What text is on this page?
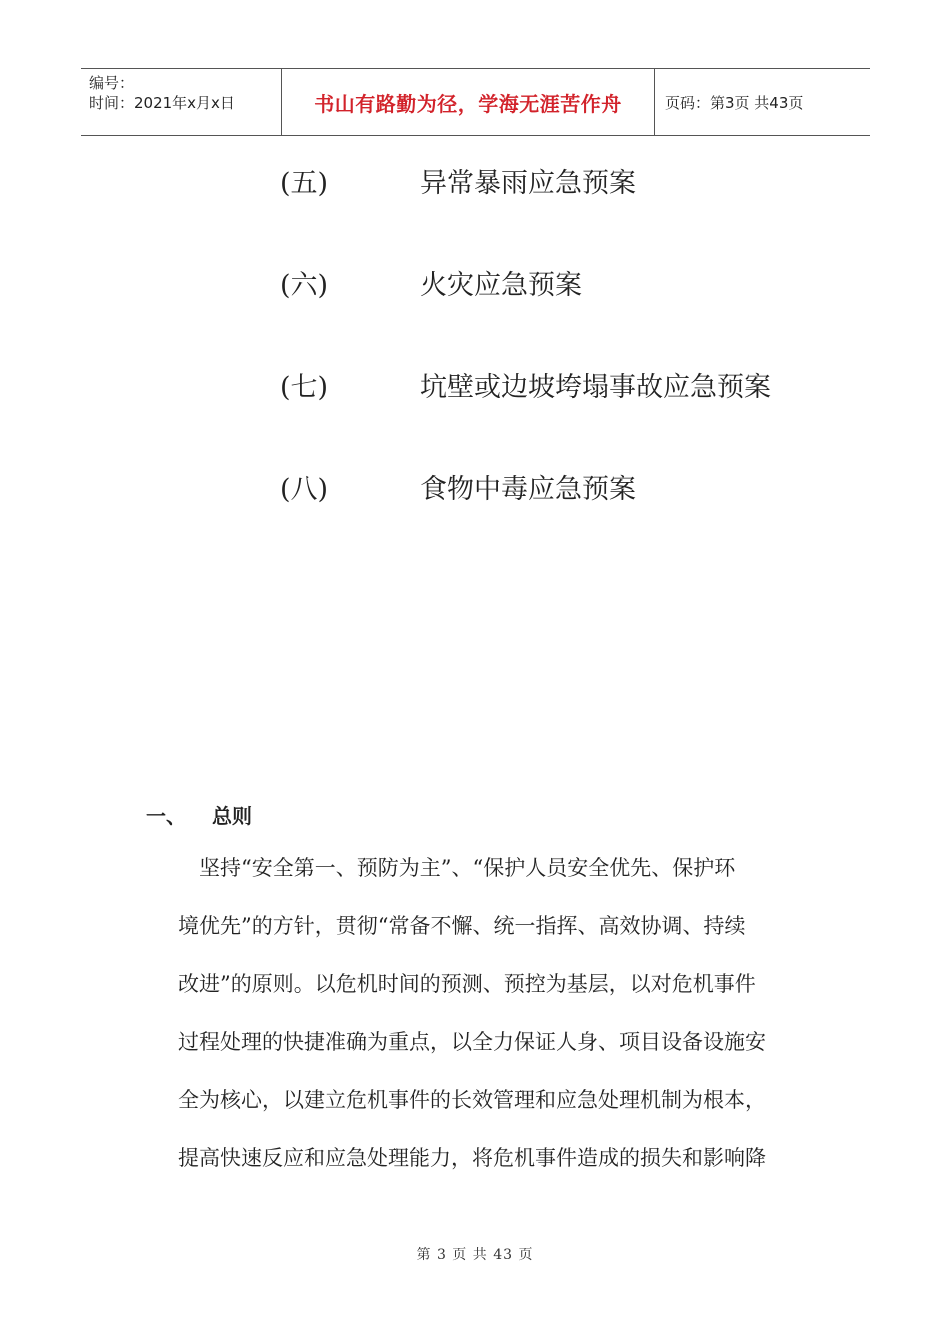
编号：
时间：2021年x月x日	书山有路勤为径，学海无涯苦作舟	页码：第3页 共43页
(五)	异常暴雨应急预案
(六)	火灾应急预案
(七)	坑壁或边坡垮塌事故应急预案
(八)	食物中毒应急预案
一、 总则
　坚持“安全第一、预防为主”、“保护人员安全优先、保护环
境优先”的方针，贯彻“常备不懈、统一指挥、高效协调、持续
改进”的原则。以危机时间的预测、预控为基层，以对危机事件
过程处理的快捷准确为重点，以全力保证人身、项目设备设施安
全为核心，以建立危机事件的长效管理和应急处理机制为根本，
提高快速反应和应急处理能力，将危机事件造成的损失和影响降
第 3 页 共 43 页
